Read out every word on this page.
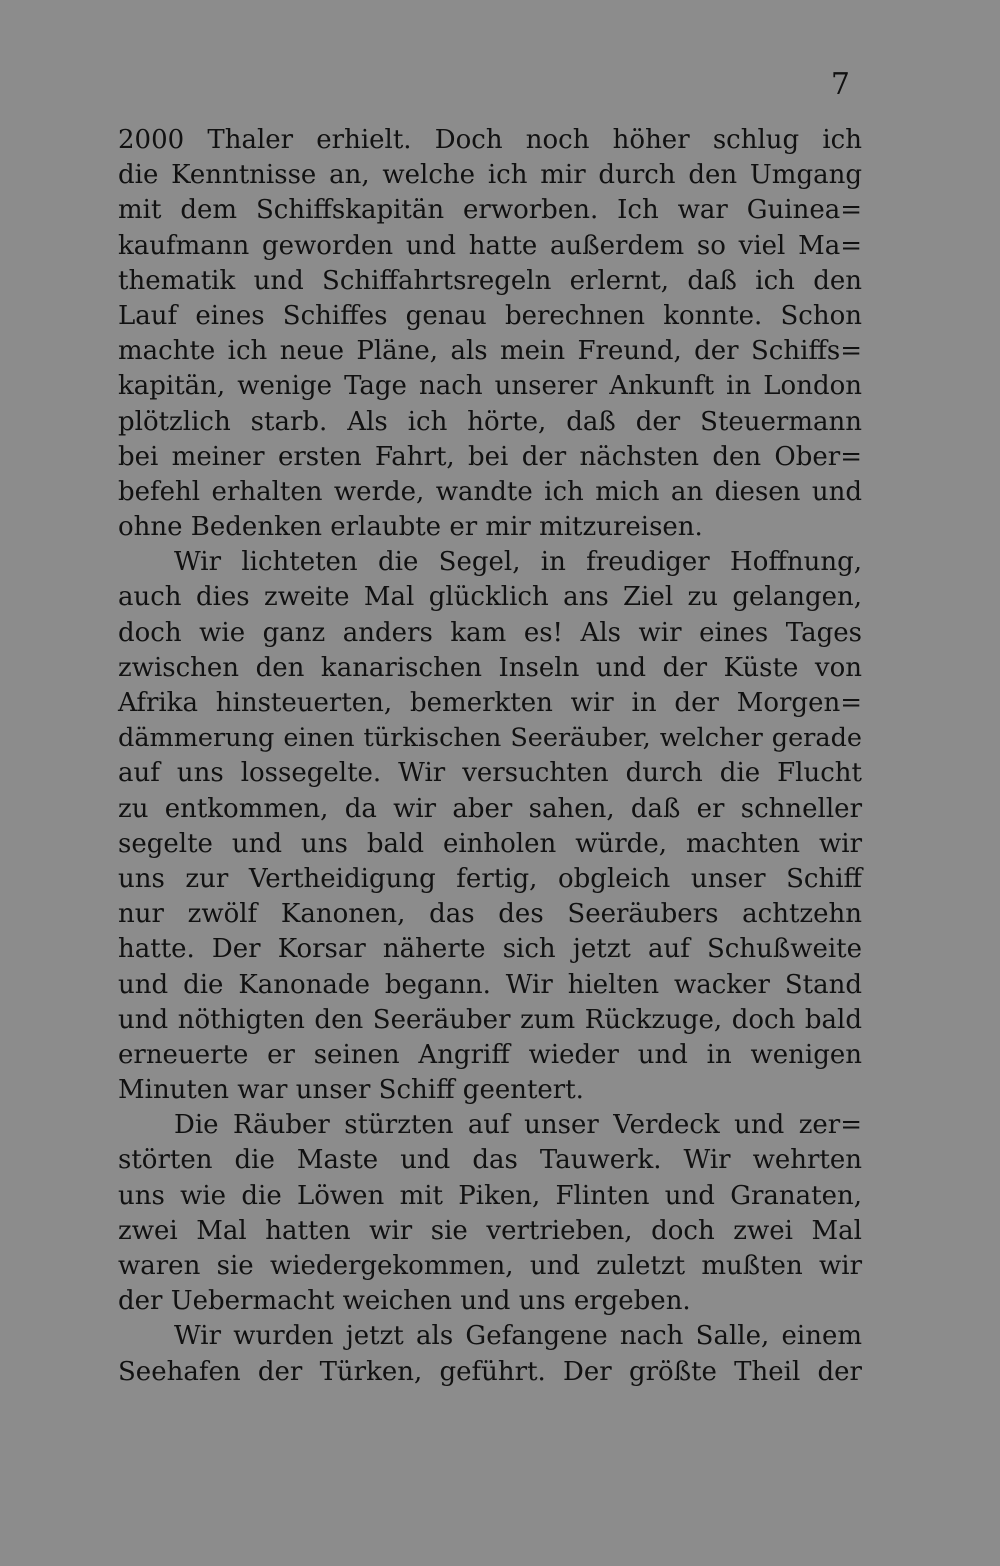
7
2000 Thaler erhielt. Doch noch höher schlug ich
die Kenntnisse an, welche ich mir durch den Umgang
mit dem Schiffskapitän erworben. Ich war Guinea=
kaufmann geworden und hatte außerdem so viel Ma=
thematik und Schiffahrtsregeln erlernt, daß ich den
Lauf eines Schiffes genau berechnen konnte. Schon
machte ich neue Pläne, als mein Freund, der Schiffs=
kapitän, wenige Tage nach unserer Ankunft in London
plötzlich starb. Als ich hörte, daß der Steuermann
bei meiner ersten Fahrt, bei der nächsten den Ober=
befehl erhalten werde, wandte ich mich an diesen und
ohne Bedenken erlaubte er mir mitzureisen.
Wir lichteten die Segel, in freudiger Hoffnung,
auch dies zweite Mal glücklich ans Ziel zu gelangen,
doch wie ganz anders kam es! Als wir eines Tages
zwischen den kanarischen Inseln und der Küste von
Afrika hinsteuerten, bemerkten wir in der Morgen=
dämmerung einen türkischen Seeräuber, welcher gerade
auf uns lossegelte. Wir versuchten durch die Flucht
zu entkommen, da wir aber sahen, daß er schneller
segelte und uns bald einholen würde, machten wir
uns zur Vertheidigung fertig, obgleich unser Schiff
nur zwölf Kanonen, das des Seeräubers achtzehn
hatte. Der Korsar näherte sich jetzt auf Schußweite
und die Kanonade begann. Wir hielten wacker Stand
und nöthigten den Seeräuber zum Rückzuge, doch bald
erneuerte er seinen Angriff wieder und in wenigen
Minuten war unser Schiff geentert.
Die Räuber stürzten auf unser Verdeck und zer=
störten die Maste und das Tauwerk. Wir wehrten
uns wie die Löwen mit Piken, Flinten und Granaten,
zwei Mal hatten wir sie vertrieben, doch zwei Mal
waren sie wiedergekommen, und zuletzt mußten wir
der Uebermacht weichen und uns ergeben.
Wir wurden jetzt als Gefangene nach Salle, einem
Seehafen der Türken, geführt. Der größte Theil der
